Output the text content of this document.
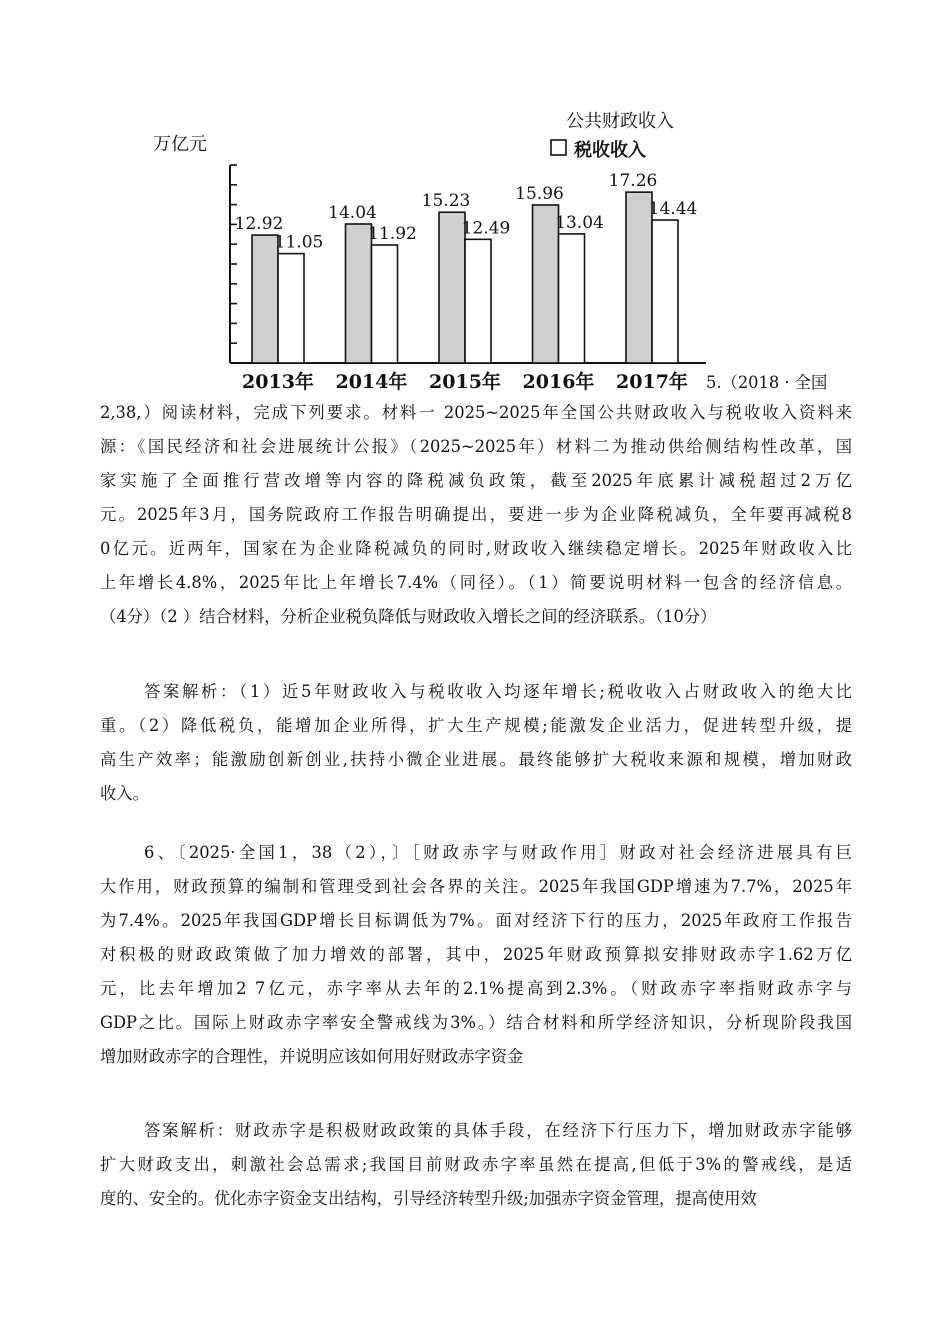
万亿元
公共财政收入
税收收入
12.92
11.05
14.04
11.92
15.23
12.49
15.96
13.04
17.26
14.44
2013年 2014年 2015年 2016年 2017年 5.（2018 · 全国
2,38,）阅读材料，完成下列要求。材料一 2025~2025年全国公共财政收入与税收收入资料来
源：《国民经济和社会进展统计公报》（2025~2025年）材料二为推动供给侧结构性改革，国
家实施了全面推行营改增等内容的降税减负政策，截至2025年底累计减税超过2万亿
元。2025年3月，国务院政府工作报告明确提出，要进一步为企业降税减负，全年要再减税8
0亿元。近两年，国家在为企业降税减负的同时,财政收入继续稳定增长。2025年财政收入比
上年增长4.8%，2025年比上年增长7.4%（同径）。（1）简要说明材料一包含的经济信息。
（4分）（2 ）结合材料，分析企业税负降低与财政收入增长之间的经济联系。（10分）
答案解析：（1）近5年财政收入与税收收入均逐年增长;税收收入占财政收入的绝大比
重。（2）降低税负，能增加企业所得，扩大生产规模;能激发企业活力，促进转型升级，提
高生产效率；能激励创新创业,扶持小微企业进展。最终能够扩大税收来源和规模，增加财政
收入。
6、〔2025·全国1，38（2），〕［财政赤字与财政作用］财政对社会经济进展具有巨
大作用，财政预算的编制和管理受到社会各界的关注。2025年我国GDP增速为7.7%，2025年
为7.4%。2025年我国GDP增长目标调低为7%。面对经济下行的压力，2025年政府工作报告
对积极的财政政策做了加力增效的部署，其中，2025年财政预算拟安排财政赤字1.62万亿
元，比去年增加2 7亿元，赤字率从去年的2.1%提高到2.3%。（财政赤字率指财政赤字与
GDP之比。国际上财政赤字率安全警戒线为3%。）结合材料和所学经济知识，分析现阶段我国
增加财政赤字的合理性，并说明应该如何用好财政赤字资金
答案解析：财政赤字是积极财政政策的具体手段，在经济下行压力下，增加财政赤字能够
扩大财政支出，刺激社会总需求;我国目前财政赤字率虽然在提高,但低于3%的警戒线，是适
度的、安全的。优化赤字资金支出结构，引导经济转型升级;加强赤字资金管理，提高使用效
